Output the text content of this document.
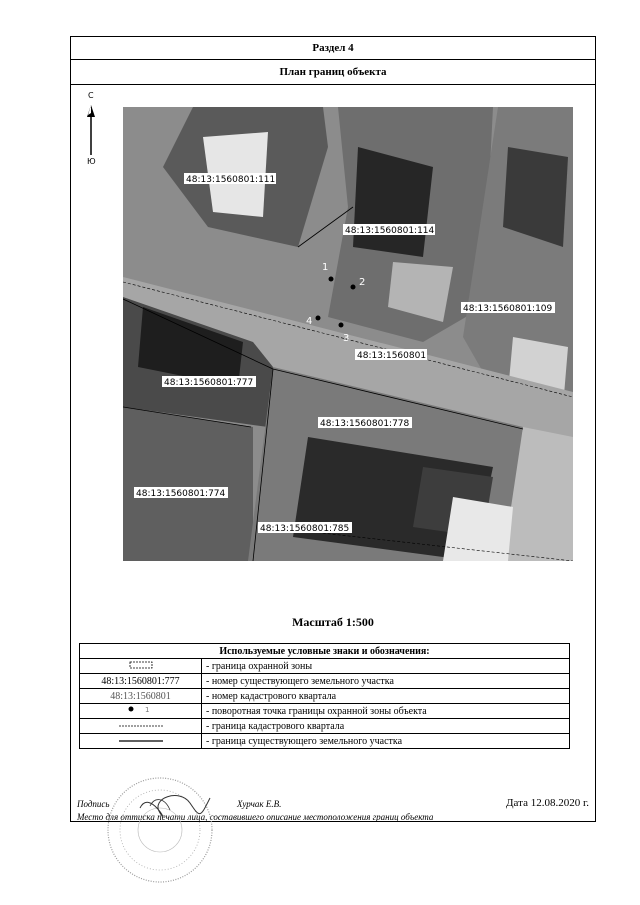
Раздел 4
План границ объекта
С
Ю
1
2
3
4
48:13:1560801:111
48:13:1560801:114
48:13:1560801:109
48:13:1560801
48:13:1560801:777
48:13:1560801:778
48:13:1560801:774
48:13:1560801:785
Масштаб 1:500
Используемые условные знаки и обозначения:	
	- граница охранной зоны
48:13:1560801:777	- номер существующего земельного участка
48:13:1560801	- номер кадастрового квартала

1	- поворотная точка границы охранной зоны объекта
	- граница кадастрового квартала
	- граница существующего земельного участка
Подпись	Хурчак Е.В.	Дата 12.08.2020 г.
Место для оттиска печати лица, составившего описание местоположения границ объекта
